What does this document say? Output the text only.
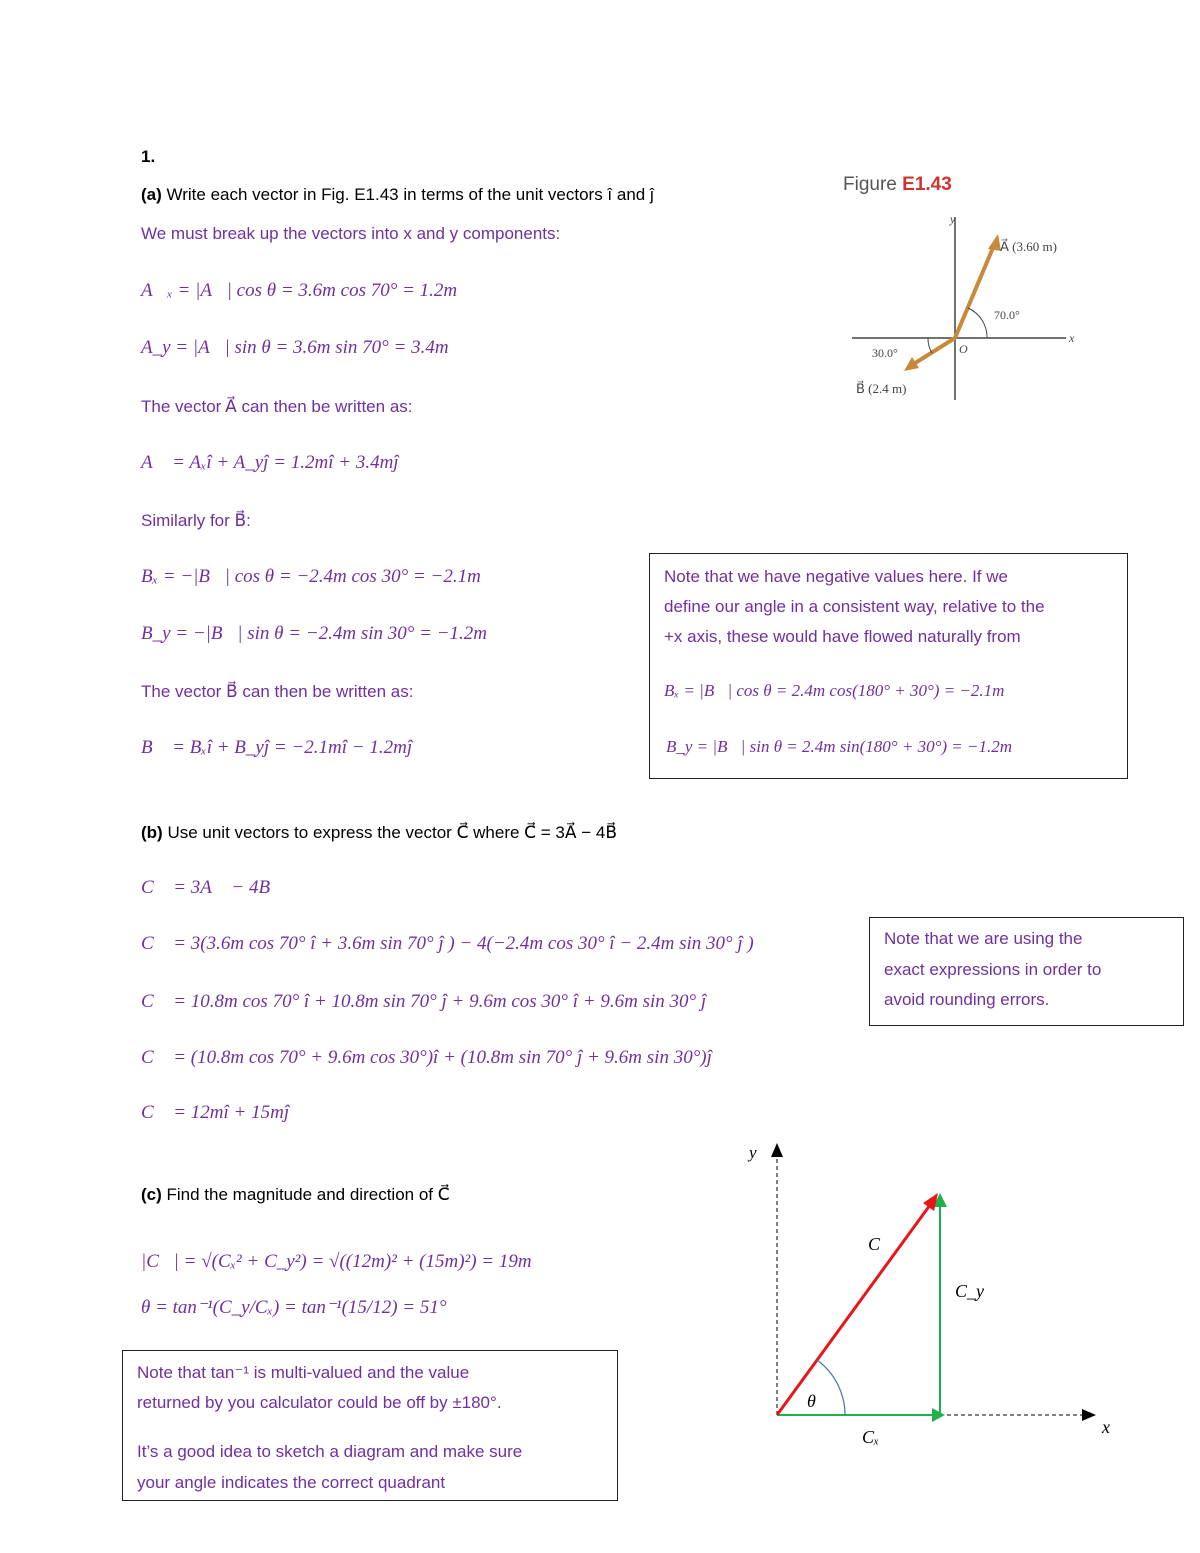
1.
(a) Write each vector in Fig. E1.43 in terms of the unit vectors î and ĵ
We must break up the vectors into x and y components:
A⃗ₓ = |A⃗| cos θ = 3.6m cos 70° = 1.2m
A_y = |A⃗| sin θ = 3.6m sin 70° = 3.4m
The vector A⃗ can then be written as:
A⃗ = Aₓî + A_yĵ = 1.2mî + 3.4mĵ
Similarly for B⃗:
Bₓ = −|B⃗| cos θ = −2.4m cos 30° = −2.1m
B_y = −|B⃗| sin θ = −2.4m sin 30° = −1.2m
The vector B⃗ can then be written as:
B⃗ = Bₓî + B_yĵ = −2.1mî − 1.2mĵ
Note that we have negative values here. If we
define our angle in a consistent way, relative to the
+x axis, these would have flowed naturally from
Bₓ = |B⃗| cos θ = 2.4m cos(180° + 30°) = −2.1m
B_y = |B⃗| sin θ = 2.4m sin(180° + 30°) = −1.2m
Figure E1.43
y
x
A⃗ (3.60 m)
B⃗ (2.4 m)
70.0°
30.0°	O
(b) Use unit vectors to express the vector C⃗ where C⃗ = 3A⃗ − 4B⃗
C⃗ = 3A⃗ − 4B⃗
C⃗ = 3(3.6m cos 70° î + 3.6m sin 70° ĵ ) − 4(−2.4m cos 30° î − 2.4m sin 30° ĵ )
C⃗ = 10.8m cos 70° î + 10.8m sin 70° ĵ + 9.6m cos 30° î + 9.6m sin 30° ĵ
C⃗ = (10.8m cos 70° + 9.6m cos 30°)î + (10.8m sin 70° ĵ + 9.6m sin 30°)ĵ
C⃗ = 12mî + 15mĵ
Note that we are using the
exact expressions in order to
avoid rounding errors.
(c) Find the magnitude and direction of C⃗
|C⃗| = √(Cₓ² + C_y²) = √((12m)² + (15m)²) = 19m
θ = tan⁻¹(C_y/Cₓ) = tan⁻¹(15/12) = 51°
Note that tan⁻¹ is multi-valued and the value
returned by you calculator could be off by ±180°.
It’s a good idea to sketch a diagram and make sure
your angle indicates the correct quadrant
y
x
C⃗
C_y
Cₓ
θ
